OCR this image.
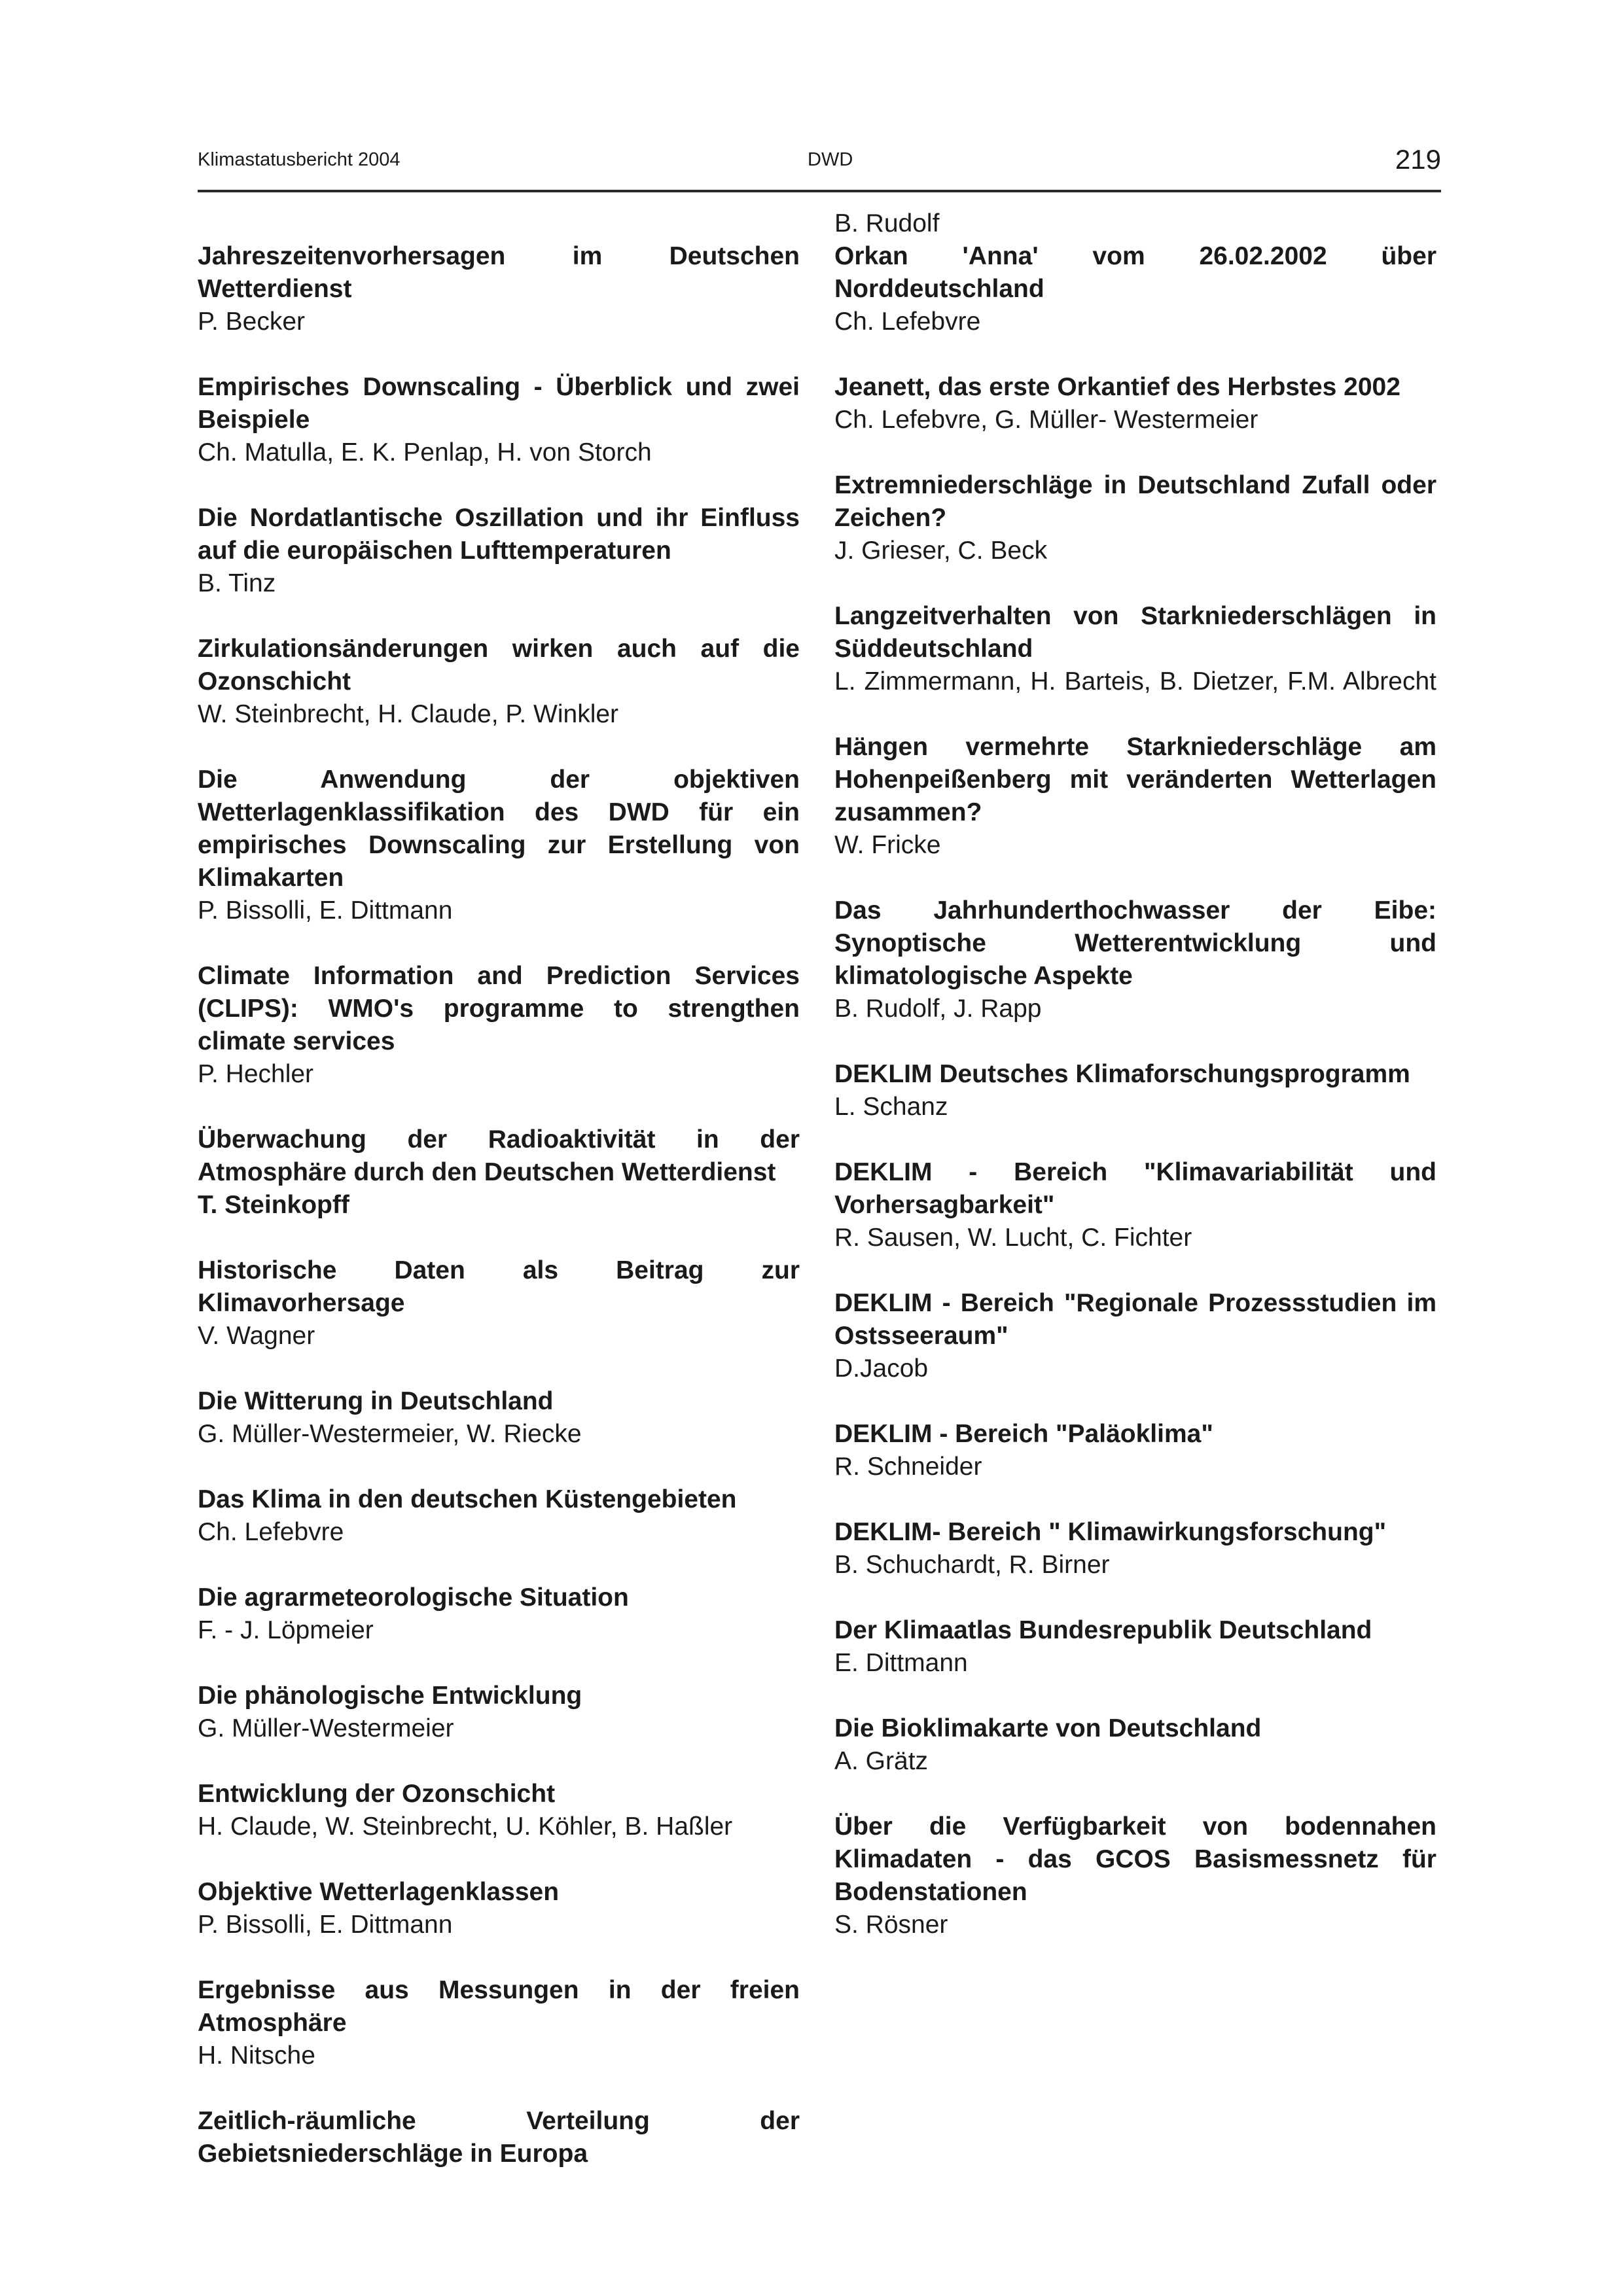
Klimastatusbericht 2004	DWD	219
Jahreszeitenvorhersagen im Deutschen Wetterdienst
P. Becker
Empirisches Downscaling - Überblick und zwei Beispiele
Ch. Matulla, E. K. Penlap, H. von Storch
Die Nordatlantische Oszillation und ihr Einfluss auf die europäischen Lufttemperaturen
B. Tinz
Zirkulationsänderungen wirken auch auf die Ozonschicht
W. Steinbrecht, H. Claude, P. Winkler
Die Anwendung der objektiven Wetterlagenklassifikation des DWD für ein empirisches Downscaling zur Erstellung von Klimakarten
P. Bissolli, E. Dittmann
Climate Information and Prediction Services (CLIPS): WMO's programme to strengthen climate services
P. Hechler
Überwachung der Radioaktivität in der Atmosphäre durch den Deutschen Wetterdienst
T. Steinkopff
Historische Daten als Beitrag zur Klimavorhersage
V. Wagner
Die Witterung in Deutschland
G. Müller-Westermeier, W. Riecke
Das Klima in den deutschen Küstengebieten
Ch. Lefebvre
Die agrarmeteorologische Situation
F. - J. Löpmeier
Die phänologische Entwicklung
G. Müller-Westermeier
Entwicklung der Ozonschicht
H. Claude, W. Steinbrecht, U. Köhler, B. Haßler
Objektive Wetterlagenklassen
P. Bissolli, E. Dittmann
Ergebnisse aus Messungen in der freien Atmosphäre
H. Nitsche
Zeitlich-räumliche Verteilung der Gebietsniederschläge in Europa
B. Rudolf
Orkan 'Anna' vom 26.02.2002 über Norddeutschland
Ch. Lefebvre
Jeanett, das erste Orkantief des Herbstes 2002
Ch. Lefebvre, G. Müller- Westermeier
Extremniederschläge in Deutschland Zufall oder Zeichen?
J. Grieser, C. Beck
Langzeitverhalten von Starkniederschlägen in Süddeutschland
L. Zimmermann, H. Barteis, B. Dietzer, F.M. Albrecht
Hängen vermehrte Starkniederschläge am Hohenpeißenberg mit veränderten Wetterlagen zusammen?
W. Fricke
Das Jahrhunderthochwasser der Eibe: Synoptische Wetterentwicklung und klimatologische Aspekte
B. Rudolf, J. Rapp
DEKLIM Deutsches Klimaforschungsprogramm
L. Schanz
DEKLIM - Bereich "Klimavariabilität und Vorhersagbarkeit"
R. Sausen, W. Lucht, C. Fichter
DEKLIM - Bereich "Regionale Prozessstudien im Ostsseeraum"
D.Jacob
DEKLIM - Bereich "Paläoklima"
R. Schneider
DEKLIM- Bereich " Klimawirkungsforschung"
B. Schuchardt, R. Birner
Der Klimaatlas Bundesrepublik Deutschland
E. Dittmann
Die Bioklimakarte von Deutschland
A. Grätz
Über die Verfügbarkeit von bodennahen Klimadaten - das GCOS Basismessnetz für Bodenstationen
S. Rösner
